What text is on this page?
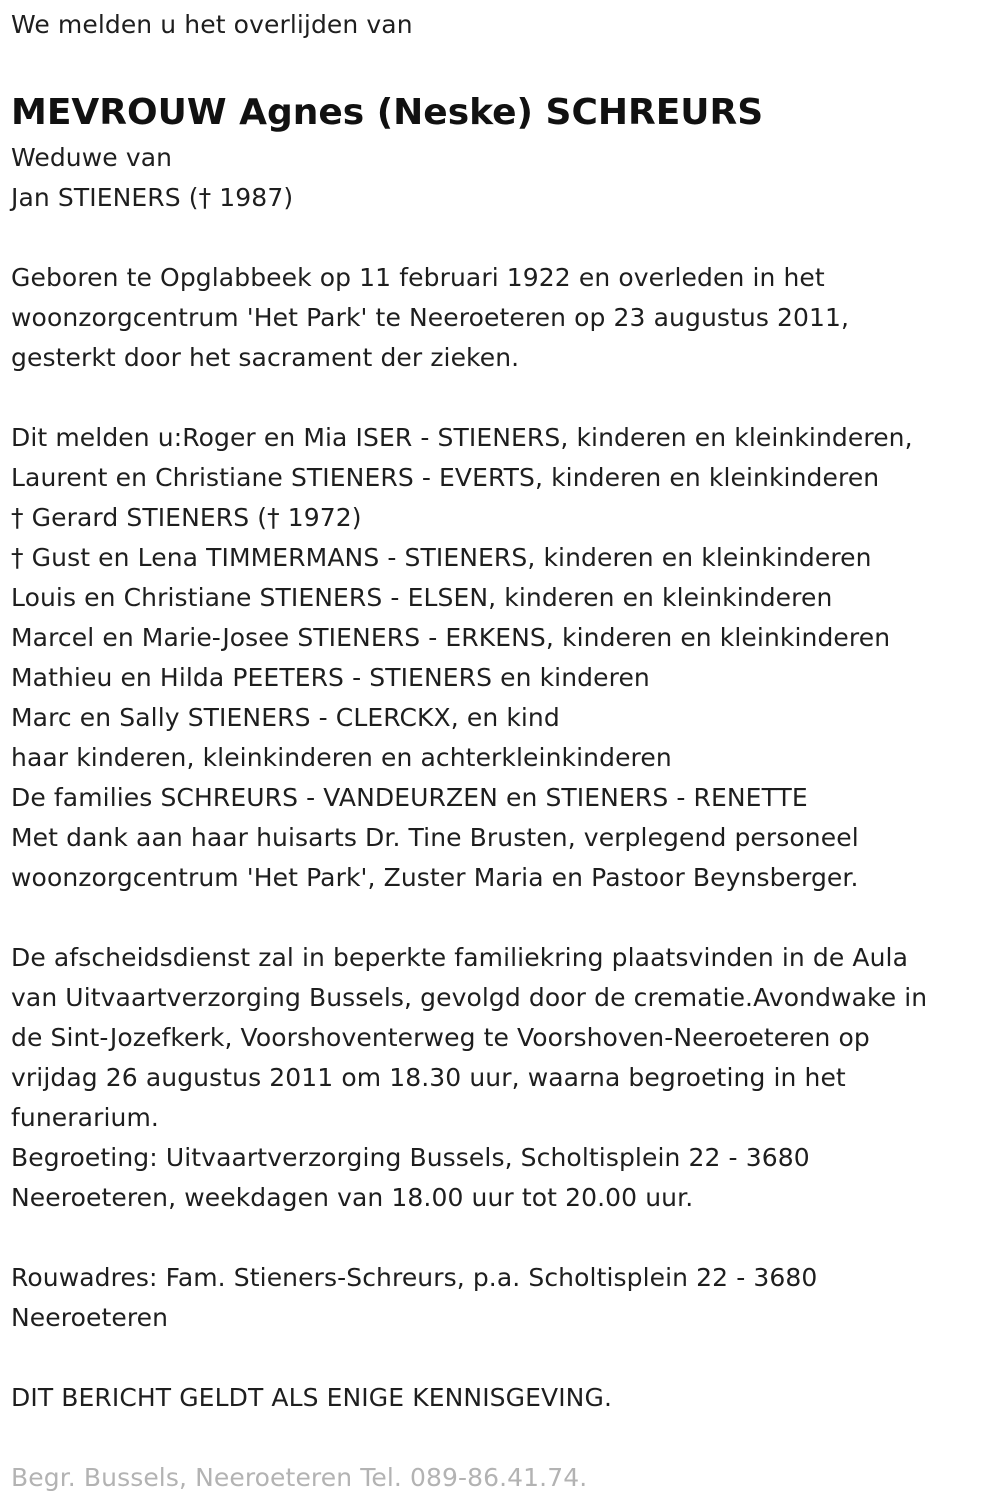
We melden u het overlijden van
MEVROUW Agnes (Neske) SCHREURS
Weduwe van
Jan STIENERS († 1987)
Geboren te Opglabbeek op 11 februari 1922 en overleden in het
woonzorgcentrum 'Het Park' te Neeroeteren op 23 augustus 2011,
gesterkt door het sacrament der zieken.
Dit melden u:Roger en Mia ISER - STIENERS, kinderen en kleinkinderen,
Laurent en Christiane STIENERS - EVERTS, kinderen en kleinkinderen
† Gerard STIENERS († 1972)
† Gust en Lena TIMMERMANS - STIENERS, kinderen en kleinkinderen
Louis en Christiane STIENERS - ELSEN, kinderen en kleinkinderen
Marcel en Marie-Josee STIENERS - ERKENS, kinderen en kleinkinderen
Mathieu en Hilda PEETERS - STIENERS en kinderen
Marc en Sally STIENERS - CLERCKX, en kind
haar kinderen, kleinkinderen en achterkleinkinderen
De families SCHREURS - VANDEURZEN en STIENERS - RENETTE
Met dank aan haar huisarts Dr. Tine Brusten, verplegend personeel
woonzorgcentrum 'Het Park', Zuster Maria en Pastoor Beynsberger.
De afscheidsdienst zal in beperkte familiekring plaatsvinden in de Aula
van Uitvaartverzorging Bussels, gevolgd door de crematie.Avondwake in
de Sint-Jozefkerk, Voorshoventerweg te Voorshoven-Neeroeteren op
vrijdag 26 augustus 2011 om 18.30 uur, waarna begroeting in het
funerarium.
Begroeting: Uitvaartverzorging Bussels, Scholtisplein 22 - 3680
Neeroeteren, weekdagen van 18.00 uur tot 20.00 uur.
Rouwadres: Fam. Stieners-Schreurs, p.a. Scholtisplein 22 - 3680
Neeroeteren
DIT BERICHT GELDT ALS ENIGE KENNISGEVING.
Begr. Bussels, Neeroeteren Tel. 089-86.41.74.
